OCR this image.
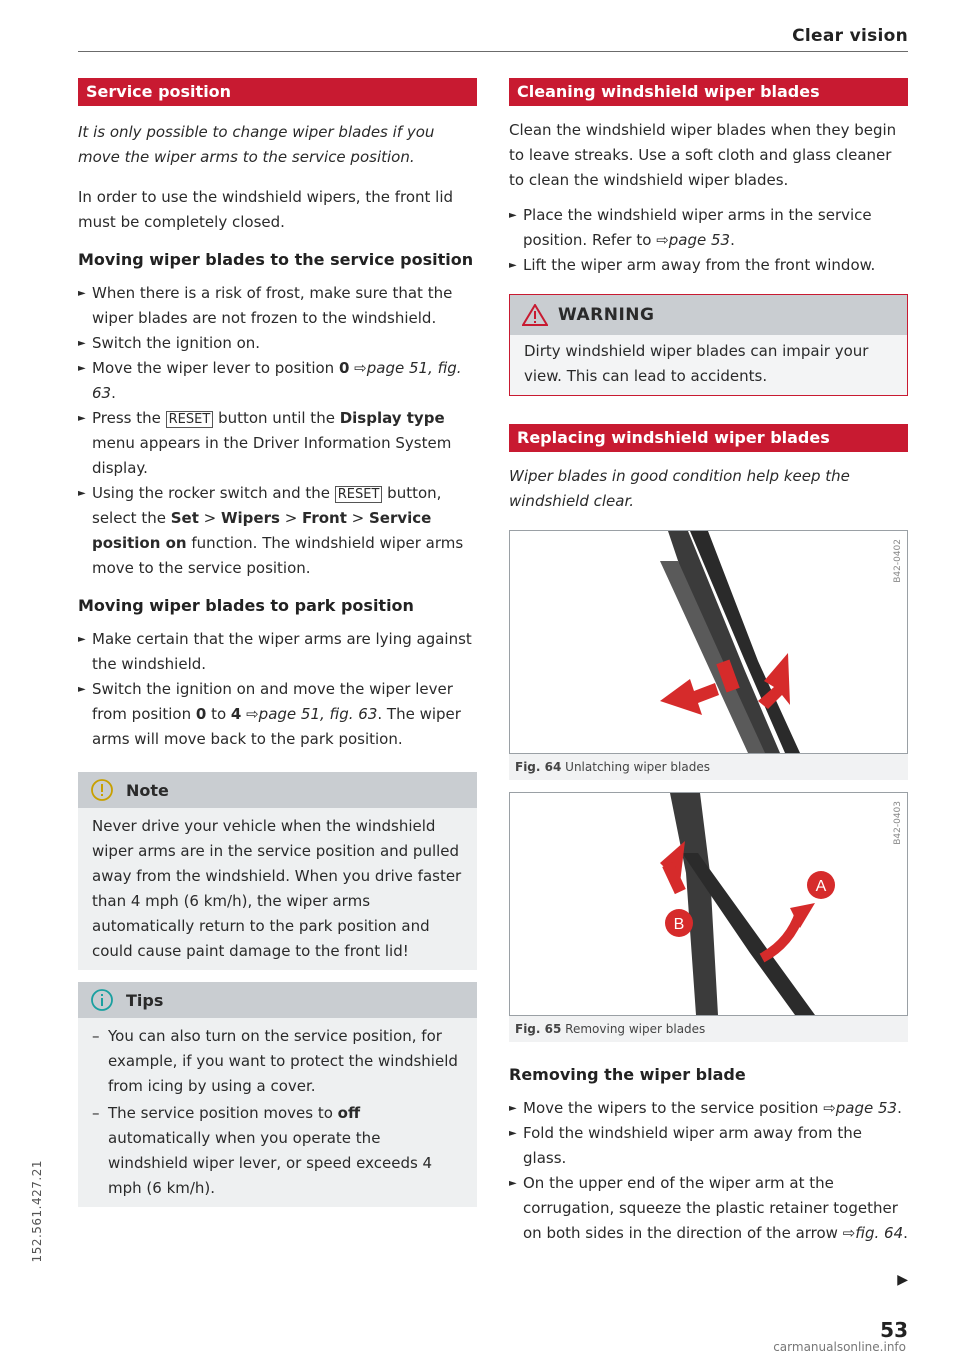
Clear vision
Service position

It is only possible to change wiper blades if you move the wiper arms to the service position.

In order to use the windshield wipers, the front lid must be completely closed.

Moving wiper blades to the service position
► When there is a risk of frost, make sure that the wiper blades are not frozen to the windshield.
► Switch the ignition on.
► Move the wiper lever to position 0 ⇨page 51, fig. 63.
► Press the RESET button until the Display type menu appears in the Driver Information System display.
► Using the rocker switch and the RESET button, select the Set > Wipers > Front > Service position on function. The windshield wiper arms move to the service position.
Moving wiper blades to park position
► Make certain that the wiper arms are lying against the windshield.
► Switch the ignition on and move the wiper lever from position 0 to 4 ⇨page 51, fig. 63. The wiper arms will move back to the park position.
Note
Never drive your vehicle when the windshield wiper arms are in the service position and pulled away from the windshield. When you drive faster than 4 mph (6 km/h), the wiper arms automatically return to the park position and could cause paint damage to the front lid!
Tips
– You can also turn on the service position, for example, if you want to protect the windshield from icing by using a cover.
– The service position moves to off automatically when you operate the windshield wiper lever, or speed exceeds 4 mph (6 km/h).
Cleaning windshield wiper blades

Clean the windshield wiper blades when they begin to leave streaks. Use a soft cloth and glass cleaner to clean the windshield wiper blades.

► Place the windshield wiper arms in the service position. Refer to ⇨page 53.
► Lift the wiper arm away from the front window.
WARNING
Dirty windshield wiper blades can impair your view. This can lead to accidents.
Replacing windshield wiper blades

Wiper blades in good condition help keep the windshield clear.

B42-0402
Fig. 64 Unlatching wiper blades
A
B
B42-0403
Fig. 65 Removing wiper blades
Removing the wiper blade
► Move the wipers to the service position ⇨page 53.
► Fold the windshield wiper arm away from the glass.
► On the upper end of the wiper arm at the corrugation, squeeze the plastic retainer together on both sides in the direction of the arrow ⇨fig. 64.
▶
152.561.427.21
53
carmanualsonline.info
